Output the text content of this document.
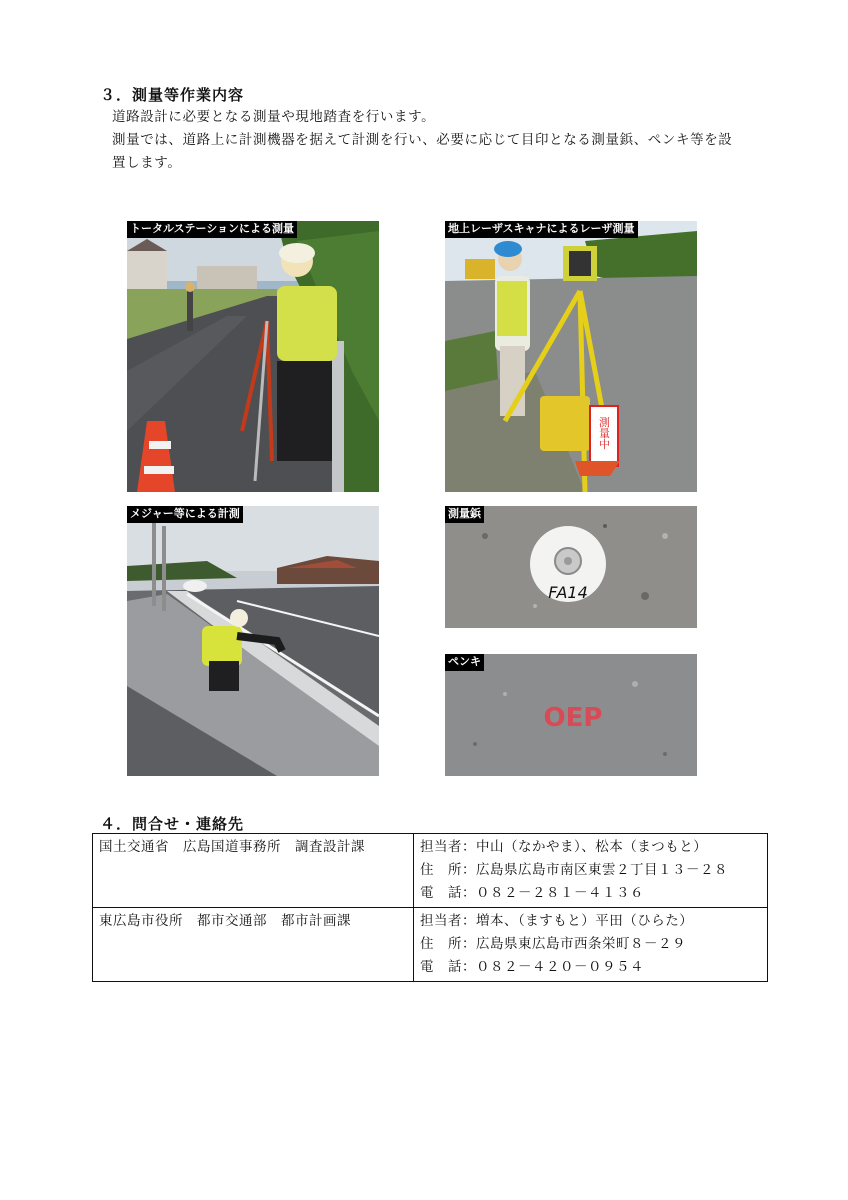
３．測量等作業内容
道路設計に必要となる測量や現地踏査を行います。
測量では、道路上に計測機器を据えて計測を行い、必要に応じて目印となる測量鋲、ペンキ等を設
置します。
トータルステーションによる測量	地上レーザスキャナによるレーザ測量
測量中
メジャー等による計測	測量鋲
FA14
ペンキ
OEP
４．問合せ・連絡先
国土交通省　広島国道事務所　調査設計課	担当者：中山（なかやま）、松本（まつもと）
住　所：広島県広島市南区東雲２丁目１３－２８
電　話：０８２－２８１－４１３６

東広島市役所　都市交通部　都市計画課	担当者：増本、（ますもと）平田（ひらた）
住　所：広島県東広島市西条栄町８－２９
電　話：０８２－４２０－０９５４
